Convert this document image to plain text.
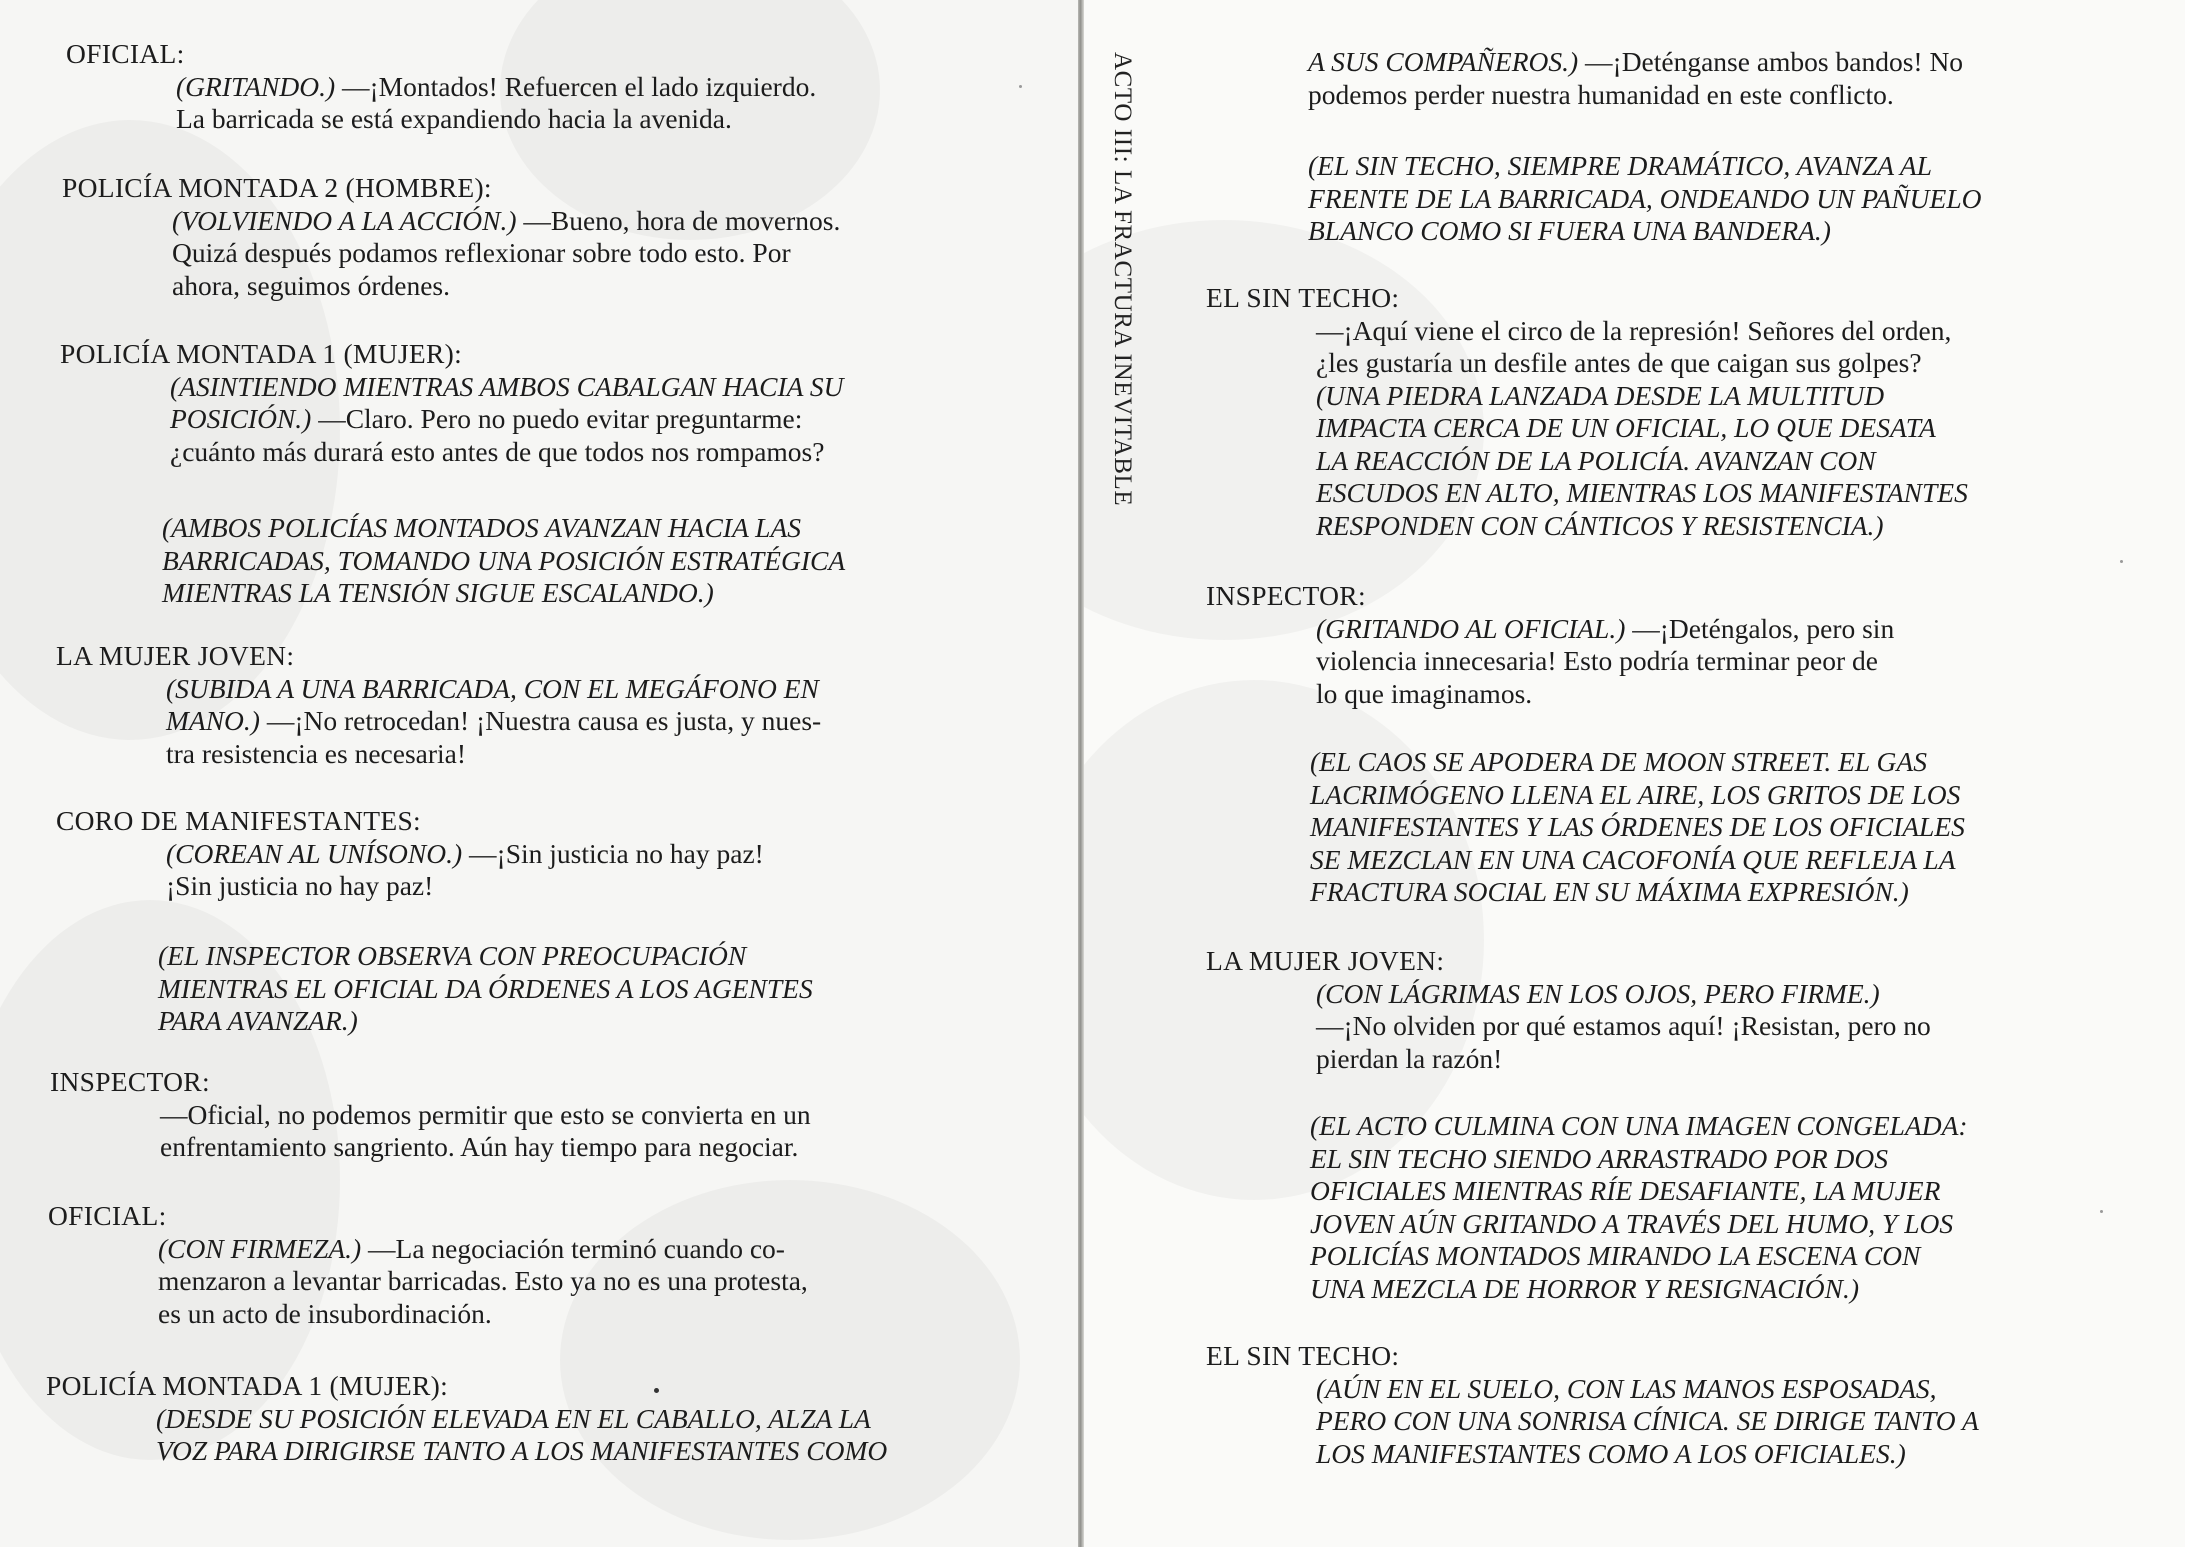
OFICIAL:
(GRITANDO.) —¡Montados! Refuercen el lado izquierdo.
La barricada se está expandiendo hacia la avenida.
POLICÍA MONTADA 2 (HOMBRE):
(VOLVIENDO A LA ACCIÓN.) —Bueno, hora de movernos.
Quizá después podamos reflexionar sobre todo esto. Por
ahora, seguimos órdenes.
POLICÍA MONTADA 1 (MUJER):
(ASINTIENDO MIENTRAS AMBOS CABALGAN HACIA SU
POSICIÓN.) —Claro. Pero no puedo evitar preguntarme:
¿cuánto más durará esto antes de que todos nos rompamos?
(AMBOS POLICÍAS MONTADOS AVANZAN HACIA LAS
BARRICADAS, TOMANDO UNA POSICIÓN ESTRATÉGICA
MIENTRAS LA TENSIÓN SIGUE ESCALANDO.)
LA MUJER JOVEN:
(SUBIDA A UNA BARRICADA, CON EL MEGÁFONO EN
MANO.) —¡No retrocedan! ¡Nuestra causa es justa, y nues-
tra resistencia es necesaria!
CORO DE MANIFESTANTES:
(COREAN AL UNÍSONO.) —¡Sin justicia no hay paz!
¡Sin justicia no hay paz!
(EL INSPECTOR OBSERVA CON PREOCUPACIÓN
MIENTRAS EL OFICIAL DA ÓRDENES A LOS AGENTES
PARA AVANZAR.)
INSPECTOR:
—Oficial, no podemos permitir que esto se convierta en un
enfrentamiento sangriento. Aún hay tiempo para negociar.
OFICIAL:
(CON FIRMEZA.) —La negociación terminó cuando co-
menzaron a levantar barricadas. Esto ya no es una protesta,
es un acto de insubordinación.
POLICÍA MONTADA 1 (MUJER):
(DESDE SU POSICIÓN ELEVADA EN EL CABALLO, ALZA LA
VOZ PARA DIRIGIRSE TANTO A LOS MANIFESTANTES COMO
A SUS COMPAÑEROS.) —¡Deténganse ambos bandos! No
podemos perder nuestra humanidad en este conflicto.
(EL SIN TECHO, SIEMPRE DRAMÁTICO, AVANZA AL
FRENTE DE LA BARRICADA, ONDEANDO UN PAÑUELO
BLANCO COMO SI FUERA UNA BANDERA.)
EL SIN TECHO:
—¡Aquí viene el circo de la represión! Señores del orden,
¿les gustaría un desfile antes de que caigan sus golpes?
(UNA PIEDRA LANZADA DESDE LA MULTITUD
IMPACTA CERCA DE UN OFICIAL, LO QUE DESATA
LA REACCIÓN DE LA POLICÍA. AVANZAN CON
ESCUDOS EN ALTO, MIENTRAS LOS MANIFESTANTES
RESPONDEN CON CÁNTICOS Y RESISTENCIA.)
INSPECTOR:
(GRITANDO AL OFICIAL.) —¡Deténgalos, pero sin
violencia innecesaria! Esto podría terminar peor de
lo que imaginamos.
(EL CAOS SE APODERA DE MOON STREET. EL GAS
LACRIMÓGENO LLENA EL AIRE, LOS GRITOS DE LOS
MANIFESTANTES Y LAS ÓRDENES DE LOS OFICIALES
SE MEZCLAN EN UNA CACOFONÍA QUE REFLEJA LA
FRACTURA SOCIAL EN SU MÁXIMA EXPRESIÓN.)
LA MUJER JOVEN:
(CON LÁGRIMAS EN LOS OJOS, PERO FIRME.)
—¡No olviden por qué estamos aquí! ¡Resistan, pero no
pierdan la razón!
(EL ACTO CULMINA CON UNA IMAGEN CONGELADA:
EL SIN TECHO SIENDO ARRASTRADO POR DOS
OFICIALES MIENTRAS RÍE DESAFIANTE, LA MUJER
JOVEN AÚN GRITANDO A TRAVÉS DEL HUMO, Y LOS
POLICÍAS MONTADOS MIRANDO LA ESCENA CON
UNA MEZCLA DE HORROR Y RESIGNACIÓN.)
EL SIN TECHO:
(AÚN EN EL SUELO, CON LAS MANOS ESPOSADAS,
PERO CON UNA SONRISA CÍNICA. SE DIRIGE TANTO A
LOS MANIFESTANTES COMO A LOS OFICIALES.)
ACTO III: LA FRACTURA INEVITABLE
